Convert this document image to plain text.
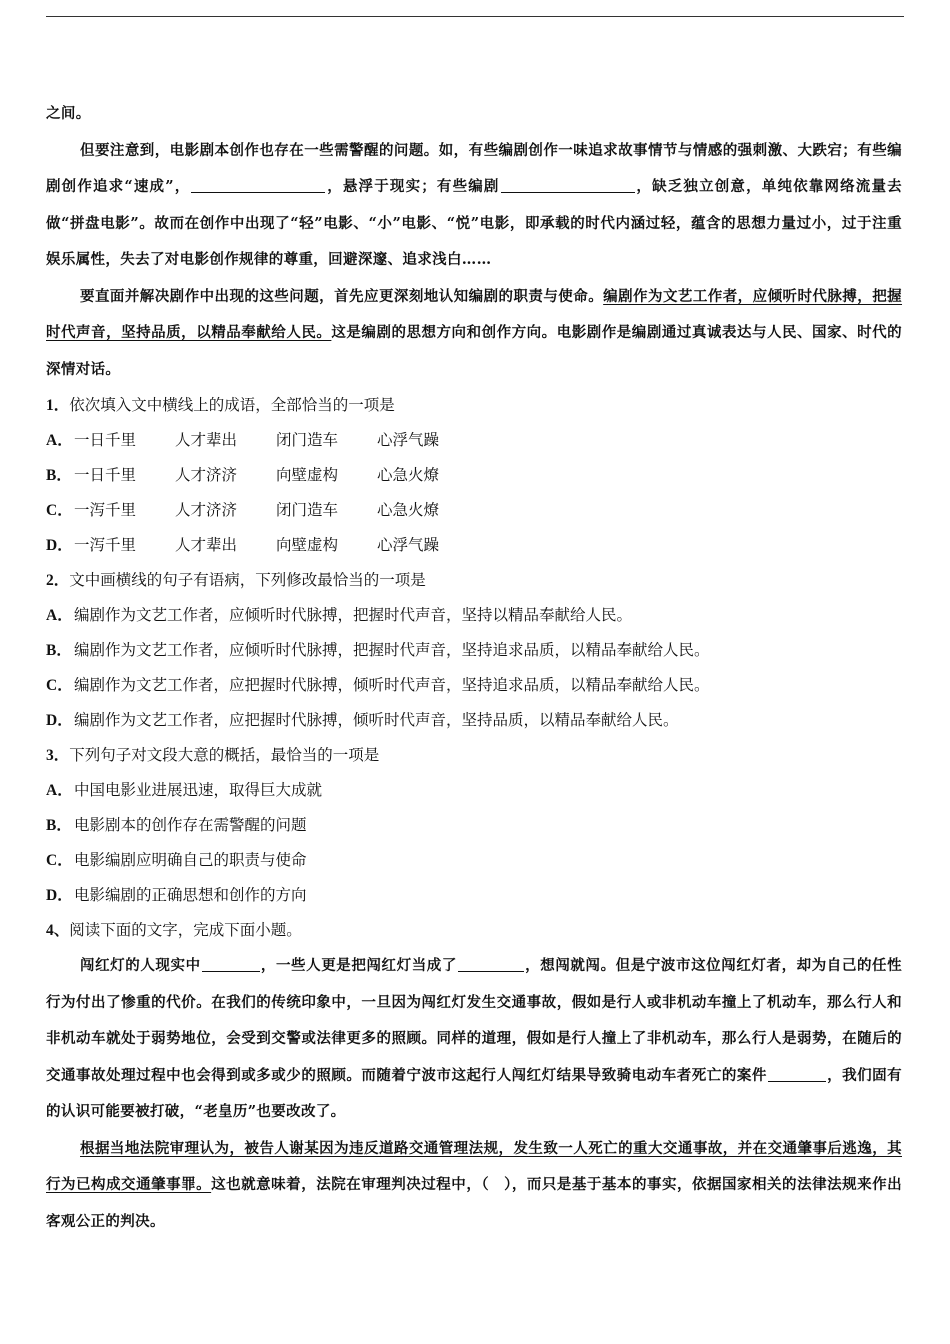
之间。

但要注意到，电影剧本创作也存在一些需警醒的问题。如，有些编剧创作一味追求故事情节与情感的强刺激、大跌宕；有些编剧创作追求“速成”，	，悬浮于现实；有些编剧	，缺乏独立创意，单纯依靠网络流量去做“拼盘电影”。故而在创作中出现了“轻”电影、“小”电影、“悦”电影，即承载的时代内涵过轻，蕴含的思想力量过小，过于注重娱乐属性，失去了对电影创作规律的尊重，回避深邃、追求浅白……

要直面并解决剧作中出现的这些问题，首先应更深刻地认知编剧的职责与使命。编剧作为文艺工作者，应倾听时代脉搏，把握时代声音，坚持品质，以精品奉献给人民。这是编剧的思想方向和创作方向。电影剧作是编剧通过真诚表达与人民、国家、时代的深情对话。

1．依次填入文中横线上的成语，全部恰当的一项是

A．一日千里	人才辈出	闭门造车	心浮气躁

B． 一日千里	人才济济	向壁虚构	心急火燎

C．一泻千里	人才济济	闭门造车	心急火燎

D．一泻千里	人才辈出	向壁虚构	心浮气躁

2．文中画横线的句子有语病，下列修改最恰当的一项是

A．编剧作为文艺工作者，应倾听时代脉搏，把握时代声音，坚持以精品奉献给人民。

B． 编剧作为文艺工作者，应倾听时代脉搏，把握时代声音，坚持追求品质，以精品奉献给人民。

C．编剧作为文艺工作者，应把握时代脉搏，倾听时代声音，坚持追求品质，以精品奉献给人民。

D．编剧作为文艺工作者，应把握时代脉搏，倾听时代声音，坚持品质，以精品奉献给人民。

3．下列句子对文段大意的概括，最恰当的一项是

A．中国电影业进展迅速，取得巨大成就

B． 电影剧本的创作存在需警醒的问题

C．电影编剧应明确自己的职责与使命

D．电影编剧的正确思想和创作的方向

4、阅读下面的文字，完成下面小题。

闯红灯的人现实中	，一些人更是把闯红灯当成了	，想闯就闯。但是宁波市这位闯红灯者，却为自己的任性行为付出了惨重的代价。在我们的传统印象中，一旦因为闯红灯发生交通事故，假如是行人或非机动车撞上了机动车，那么行人和非机动车就处于弱势地位，会受到交警或法律更多的照顾。同样的道理，假如是行人撞上了非机动车，那么行人是弱势，在随后的交通事故处理过程中也会得到或多或少的照顾。而随着宁波市这起行人闯红灯结果导致骑电动车者死亡的案件	，我们固有的认识可能要被打破，“老皇历”也要改改了。

根据当地法院审理认为，被告人谢某因为违反道路交通管理法规，发生致一人死亡的重大交通事故，并在交通肇事后逃逸，其行为已构成交通肇事罪。这也就意味着，法院在审理判决过程中，（　），而只是基于基本的事实，依据国家相关的法律法规来作出客观公正的判决。
